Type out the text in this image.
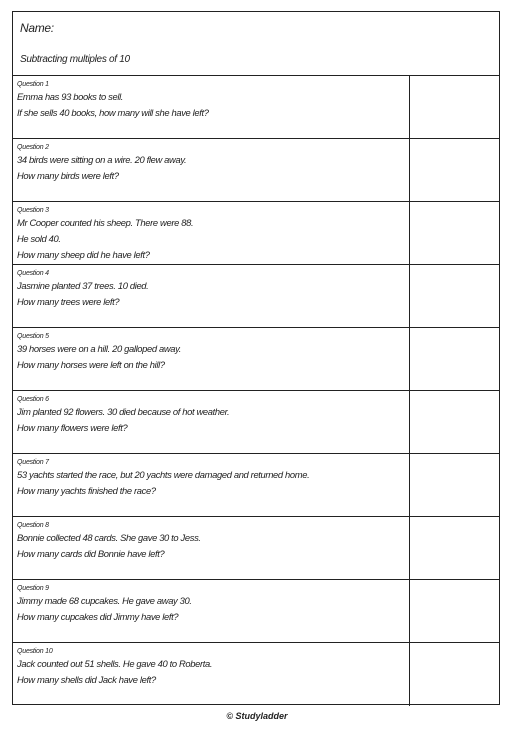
Name:
Subtracting multiples of 10
Question 1
Emma has 93 books to sell.
If she sells 40 books, how many will she have left?
Question 2
34 birds were sitting on a wire. 20 flew away.
How many birds were left?
Question 3
Mr Cooper counted his sheep. There were 88.
He sold 40.
How many sheep did he have left?
Question 4
Jasmine planted 37 trees. 10 died.
How many trees were left?
Question 5
39 horses were on a hill. 20 galloped away.
How many horses were left on the hill?
Question 6
Jim planted 92 flowers. 30 died because of hot weather.
How many flowers were left?
Question 7
53 yachts started the race, but 20 yachts were damaged and returned home.
How many yachts finished the race?
Question 8
Bonnie collected 48 cards. She gave 30 to Jess.
How many cards did Bonnie have left?
Question 9
Jimmy made 68 cupcakes. He gave away 30.
How many cupcakes did Jimmy have left?
Question 10
Jack counted out 51 shells. He gave 40 to Roberta.
How many shells did Jack have left?
© Studyladder
